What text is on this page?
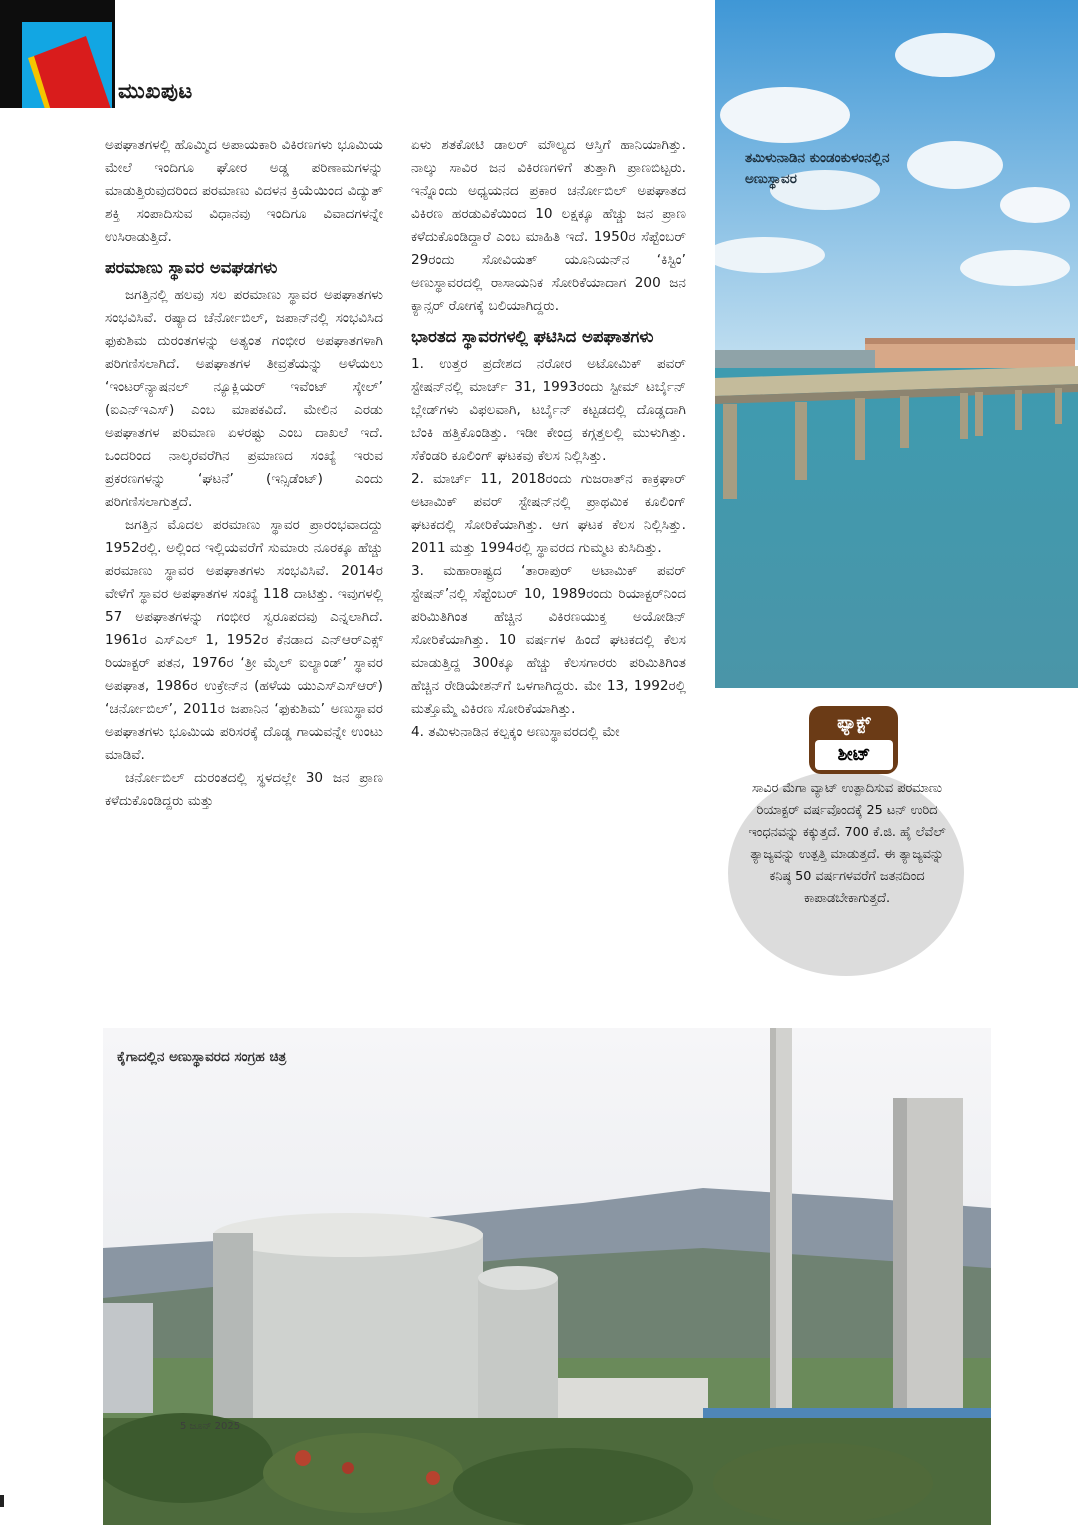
ಮುಖಪುಟ

ಅಪಘಾತಗಳಲ್ಲಿ ಹೊಮ್ಮಿದ ಅಪಾಯಕಾರಿ ವಿಕಿರಣಗಳು ಭೂಮಿಯ ಮೇಲೆ ಇಂದಿಗೂ ಘೋರ ಅಡ್ಡ ಪರಿಣಾಮಗಳನ್ನು ಮಾಡುತ್ತಿರುವುದರಿಂದ ಪರಮಾಣು ವಿದಳನ ಕ್ರಿಯೆಯಿಂದ ವಿದ್ಯುತ್ ಶಕ್ತಿ ಸಂಪಾದಿಸುವ ವಿಧಾನವು ಇಂದಿಗೂ ವಿವಾದಗಳನ್ನೇ ಉಸಿರಾಡುತ್ತಿದೆ.

ಪರಮಾಣು ಸ್ಥಾವರ ಅವಘಡಗಳು

ಜಗತ್ತಿನಲ್ಲಿ ಹಲವು ಸಲ ಪರಮಾಣು ಸ್ಥಾವರ ಅಪಘಾತಗಳು ಸಂಭವಿಸಿವೆ. ರಷ್ಯಾದ ಚೆರ್ನೋಬಿಲ್, ಜಪಾನ್‌ನಲ್ಲಿ ಸಂಭವಿಸಿದ ಫುಕುಶಿಮ ದುರಂತಗಳನ್ನು ಅತ್ಯಂತ ಗಂಭೀರ ಅಪಘಾತಗಳಾಗಿ ಪರಿಗಣಿಸಲಾಗಿದೆ. ಅಪಘಾತಗಳ ತೀವ್ರತೆಯನ್ನು ಅಳೆಯಲು ‘ಇಂಟರ್‌ನ್ಯಾಷನಲ್ ನ್ಯೂಕ್ಲಿಯರ್ ಇವೆಂಟ್ ಸ್ಕೇಲ್’ (ಐಎನ್‌ಇಎಸ್) ಎಂಬ ಮಾಪಕವಿದೆ. ಮೇಲಿನ ಎರಡು ಅಪಘಾತಗಳ ಪರಿಮಾಣ ಏಳರಷ್ಟು ಎಂಬ ದಾಖಲೆ ಇದೆ. ಒಂದರಿಂದ ನಾಲ್ಕರವರೆಗಿನ ಪ್ರಮಾಣದ ಸಂಖ್ಯೆ ಇರುವ ಪ್ರಕರಣಗಳನ್ನು ‘ಘಟನೆ’ (ಇನ್ಸಿಡೆಂಟ್) ಎಂದು ಪರಿಗಣಿಸಲಾಗುತ್ತದೆ.

ಜಗತ್ತಿನ ಮೊದಲ ಪರಮಾಣು ಸ್ಥಾವರ ಪ್ರಾರಂಭವಾದದ್ದು 1952ರಲ್ಲಿ. ಅಲ್ಲಿಂದ ಇಲ್ಲಿಯವರೆಗೆ ಸುಮಾರು ನೂರಕ್ಕೂ ಹೆಚ್ಚು ಪರಮಾಣು ಸ್ಥಾವರ ಅಪಘಾತಗಳು ಸಂಭವಿಸಿವೆ. 2014ರ ವೇಳೆಗೆ ಸ್ಥಾವರ ಅಪಘಾತಗಳ ಸಂಖ್ಯೆ 118 ದಾಟಿತ್ತು. ಇವುಗಳಲ್ಲಿ 57 ಅಪಘಾತಗಳನ್ನು ಗಂಭೀರ ಸ್ವರೂಪದವು ಎನ್ನಲಾಗಿದೆ. 1961ರ ಎಸ್‌ಎಲ್ 1, 1952ರ ಕೆನಡಾದ ಎನ್‌ಆರ್‌ಎಕ್ಸ್ ರಿಯಾಕ್ಟರ್ ಪತನ, 1976ರ ‘ತ್ರೀ ಮೈಲ್ ಐಲ್ಯಾಂಡ್’ ಸ್ಥಾವರ ಅಪಘಾತ, 1986ರ ಉಕ್ರೇನ್‌ನ (ಹಳೆಯ ಯುಎಸ್‌ಎಸ್‌ಆರ್) ‘ಚರ್ನೋಬಿಲ್’, 2011ರ ಜಪಾನಿನ ‘ಫುಕುಶಿಮ’ ಅಣುಸ್ಥಾವರ ಅಪಘಾತಗಳು ಭೂಮಿಯ ಪರಿಸರಕ್ಕೆ ದೊಡ್ಡ ಗಾಯವನ್ನೇ ಉಂಟು ಮಾಡಿವೆ.

ಚರ್ನೋಬಿಲ್ ದುರಂತದಲ್ಲಿ ಸ್ಥಳದಲ್ಲೇ 30 ಜನ ಪ್ರಾಣ ಕಳೆದುಕೊಂಡಿದ್ದರು ಮತ್ತು

ಏಳು ಶತಕೋಟಿ ಡಾಲರ್ ಮೌಲ್ಯದ ಆಸ್ತಿಗೆ ಹಾನಿಯಾಗಿತ್ತು. ನಾಲ್ಕು ಸಾವಿರ ಜನ ವಿಕಿರಣಗಳಿಗೆ ತುತ್ತಾಗಿ ಪ್ರಾಣಬಿಟ್ಟರು. ಇನ್ನೊಂದು ಅಧ್ಯಯನದ ಪ್ರಕಾರ ಚರ್ನೋಬಿಲ್ ಅಪಘಾತದ ವಿಕಿರಣ ಹರಡುವಿಕೆಯಿಂದ 10 ಲಕ್ಷಕ್ಕೂ ಹೆಚ್ಚು ಜನ ಪ್ರಾಣ ಕಳೆದುಕೊಂಡಿದ್ದಾರೆ ಎಂಬ ಮಾಹಿತಿ ಇದೆ. 1950ರ ಸೆಪ್ಟೆಂಬರ್ 29ರಂದು ಸೋವಿಯತ್ ಯೂನಿಯನ್‌ನ ‘ಕಿಸ್ಟಿಂ’ ಅಣುಸ್ಥಾವರದಲ್ಲಿ ರಾಸಾಯನಿಕ ಸೋರಿಕೆಯಾದಾಗ 200 ಜನ ಕ್ಯಾನ್ಸರ್ ರೋಗಕ್ಕೆ ಬಲಿಯಾಗಿದ್ದರು.

ಭಾರತದ ಸ್ಥಾವರಗಳಲ್ಲಿ ಘಟಿಸಿದ ಅಪಘಾತಗಳು

1. ಉತ್ತರ ಪ್ರದೇಶದ ನರೋರ ಅಟೋಮಿಕ್ ಪವರ್ ಸ್ಟೇಷನ್‌ನಲ್ಲಿ ಮಾರ್ಚ್ 31, 1993ರಂದು ಸ್ಟೀಮ್ ಟರ್ಬೈನ್ ಬ್ಲೇಡ್‌ಗಳು ವಿಫಲವಾಗಿ, ಟರ್ಬೈನ್ ಕಟ್ಟಡದಲ್ಲಿ ದೊಡ್ಡದಾಗಿ ಬೆಂಕಿ ಹತ್ತಿಕೊಂಡಿತ್ತು. ಇಡೀ ಕೇಂದ್ರ ಕಗ್ಗತ್ತಲಲ್ಲಿ ಮುಳುಗಿತ್ತು. ಸೆಕೆಂಡರಿ ಕೂಲಿಂಗ್ ಘಟಕವು ಕೆಲಸ ನಿಲ್ಲಿಸಿತ್ತು.

2. ಮಾರ್ಚ್ 11, 2018ರಂದು ಗುಜರಾತ್‌ನ ಕಾಕ್ರಘಾರ್ ಅಟಾಮಿಕ್ ಪವರ್ ಸ್ಟೇಷನ್‌ನಲ್ಲಿ ಪ್ರಾಥಮಿಕ ಕೂಲಿಂಗ್ ಘಟಕದಲ್ಲಿ ಸೋರಿಕೆಯಾಗಿತ್ತು. ಆಗ ಘಟಕ ಕೆಲಸ ನಿಲ್ಲಿಸಿತ್ತು. 2011 ಮತ್ತು 1994ರಲ್ಲಿ ಸ್ಥಾವರದ ಗುಮ್ಮಟ ಕುಸಿದಿತ್ತು.

3. ಮಹಾರಾಷ್ಟ್ರದ ‘ತಾರಾಪುರ್ ಅಟಾಮಿಕ್ ಪವರ್ ಸ್ಟೇಷನ್’ನಲ್ಲಿ ಸೆಪ್ಟೆಂಬರ್ 10, 1989ರಂದು ರಿಯಾಕ್ಟರ್‌ನಿಂದ ಪರಿಮಿತಿಗಿಂತ ಹೆಚ್ಚಿನ ವಿಕಿರಣಯುಕ್ತ ಅಯೋಡಿನ್ ಸೋರಿಕೆಯಾಗಿತ್ತು. 10 ವರ್ಷಗಳ ಹಿಂದೆ ಘಟಕದಲ್ಲಿ ಕೆಲಸ ಮಾಡುತ್ತಿದ್ದ 300ಕ್ಕೂ ಹೆಚ್ಚು ಕೆಲಸಗಾರರು ಪರಿಮಿತಿಗಿಂತ ಹೆಚ್ಚಿನ ರೇಡಿಯೇಶನ್‌ಗೆ ಒಳಗಾಗಿದ್ದರು. ಮೇ 13, 1992ರಲ್ಲಿ ಮತ್ತೊಮ್ಮೆ ವಿಕಿರಣ ಸೋರಿಕೆಯಾಗಿತ್ತು.

4. ತಮಿಳುನಾಡಿನ ಕಲ್ಪಕ್ಕಂ ಅಣುಸ್ಥಾವರದಲ್ಲಿ ಮೇ

ತಮಿಳುನಾಡಿನ ಕುಂಡಂಕುಳಂನಲ್ಲಿನ ಅಣುಸ್ಥಾವರ
ಫ್ಯಾಕ್ಟ್
ಶೀಟ್
ಸಾವಿರ ಮೆಗಾ ವ್ಯಾಟ್ ಉತ್ಪಾದಿಸುವ ಪರಮಾಣು ರಿಯಾಕ್ಟರ್ ವರ್ಷವೊಂದಕ್ಕೆ 25 ಟನ್ ಉರಿದ ಇಂಧನವನ್ನು ಕಕ್ಕುತ್ತದೆ. 700 ಕೆ.ಜಿ. ಹೈ ಲೆವೆಲ್ ತ್ಯಾಜ್ಯವನ್ನು ಉತ್ಪತ್ತಿ ಮಾಡುತ್ತದೆ. ಈ ತ್ಯಾಜ್ಯವನ್ನು ಕನಿಷ್ಠ 50 ವರ್ಷಗಳವರೆಗೆ ಜತನದಿಂದ ಕಾಪಾಡಬೇಕಾಗುತ್ತದೆ.
ಕೈಗಾದಲ್ಲಿನ ಅಣುಸ್ಥಾವರದ ಸಂಗ್ರಹ ಚಿತ್ರ
5 ಜೂನ್ 2025
